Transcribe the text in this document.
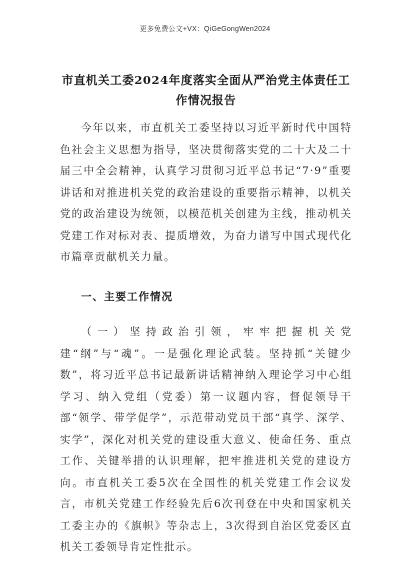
更多免费公文+VX：QiGeGongWen2024
市直机关工委2024年度落实全面从严治党主体责任工作情况报告

今年以来，市直机关工委坚持以习近平新时代中国特色社会主义思想为指导，坚决贯彻落实党的二十大及二十届三中全会精神，认真学习贯彻习近平总书记“7·9”重要讲话和对推进机关党的政治建设的重要指示精神，以机关党的政治建设为统领，以模范机关创建为主线，推动机关党建工作对标对表、提质增效，为奋力谱写中国式现代化市篇章贡献机关力量。

一、主要工作情况

（一）坚持政治引领，牢牢把握机关党建“纲”与“魂”。一是强化理论武装。坚持抓“关键少数”，将习近平总书记最新讲话精神纳入理论学习中心组学习、纳入党组（党委）第一议题内容，督促领导干部“领学、带学促学”，示范带动党员干部“真学、深学、实学”，深化对机关党的建设重大意义、使命任务、重点工作、关键举措的认识理解，把牢推进机关党的建设方向。市直机关工委5次在全国性的机关党建工作会议发言，市机关党建工作经验先后6次刊登在中央和国家机关工委主办的《旗帜》等杂志上，3次得到自治区党委区直机关工委领导肯定性批示。
